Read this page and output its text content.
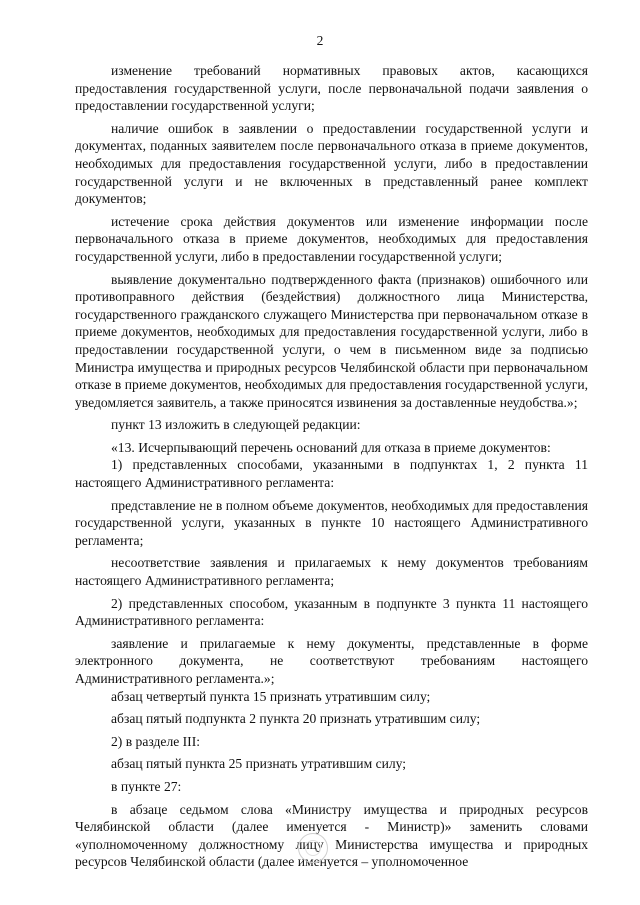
2

изменение требований нормативных правовых актов, касающихся предоставления государственной услуги, после первоначальной подачи заявления о предоставлении государственной услуги;

наличие ошибок в заявлении о предоставлении государственной услуги и документах, поданных заявителем после первоначального отказа в приеме документов, необходимых для предоставления государственной услуги, либо в предоставлении государственной услуги и не включенных в представленный ранее комплект документов;

истечение срока действия документов или изменение информации после первоначального отказа в приеме документов, необходимых для предоставления государственной услуги, либо в предоставлении государственной услуги;

выявление документально подтвержденного факта (признаков) ошибочного или противоправного действия (бездействия) должностного лица Министерства, государственного гражданского служащего Министерства при первоначальном отказе в приеме документов, необходимых для предоставления государственной услуги, либо в предоставлении государственной услуги, о чем в письменном виде за подписью Министра имущества и природных ресурсов Челябинской области при первоначальном отказе в приеме документов, необходимых для предоставления государственной услуги, уведомляется заявитель, а также приносятся извинения за доставленные неудобства.»;

пункт 13 изложить в следующей редакции:

«13. Исчерпывающий перечень оснований для отказа в приеме документов:

1) представленных способами, указанными в подпунктах 1, 2 пункта 11 настоящего Административного регламента:

представление не в полном объеме документов, необходимых для предоставления государственной услуги, указанных в пункте 10 настоящего Административного регламента;

несоответствие заявления и прилагаемых к нему документов требованиям настоящего Административного регламента;

2) представленных способом, указанным в подпункте 3 пункта 11 настоящего Административного регламента:

заявление и прилагаемые к нему документы, представленные в форме электронного документа, не соответствуют требованиям настоящего Административного регламента.»;

абзац четвертый пункта 15 признать утратившим силу;

абзац пятый подпункта 2 пункта 20 признать утратившим силу;

2) в разделе III:

абзац пятый пункта 25 признать утратившим силу;

в пункте 27:

в абзаце седьмом слова «Министру имущества и природных ресурсов Челябинской области (далее именуется - Министр)» заменить словами «уполномоченному должностному лицу Министерства имущества и природных ресурсов Челябинской области (далее именуется – уполномоченное
